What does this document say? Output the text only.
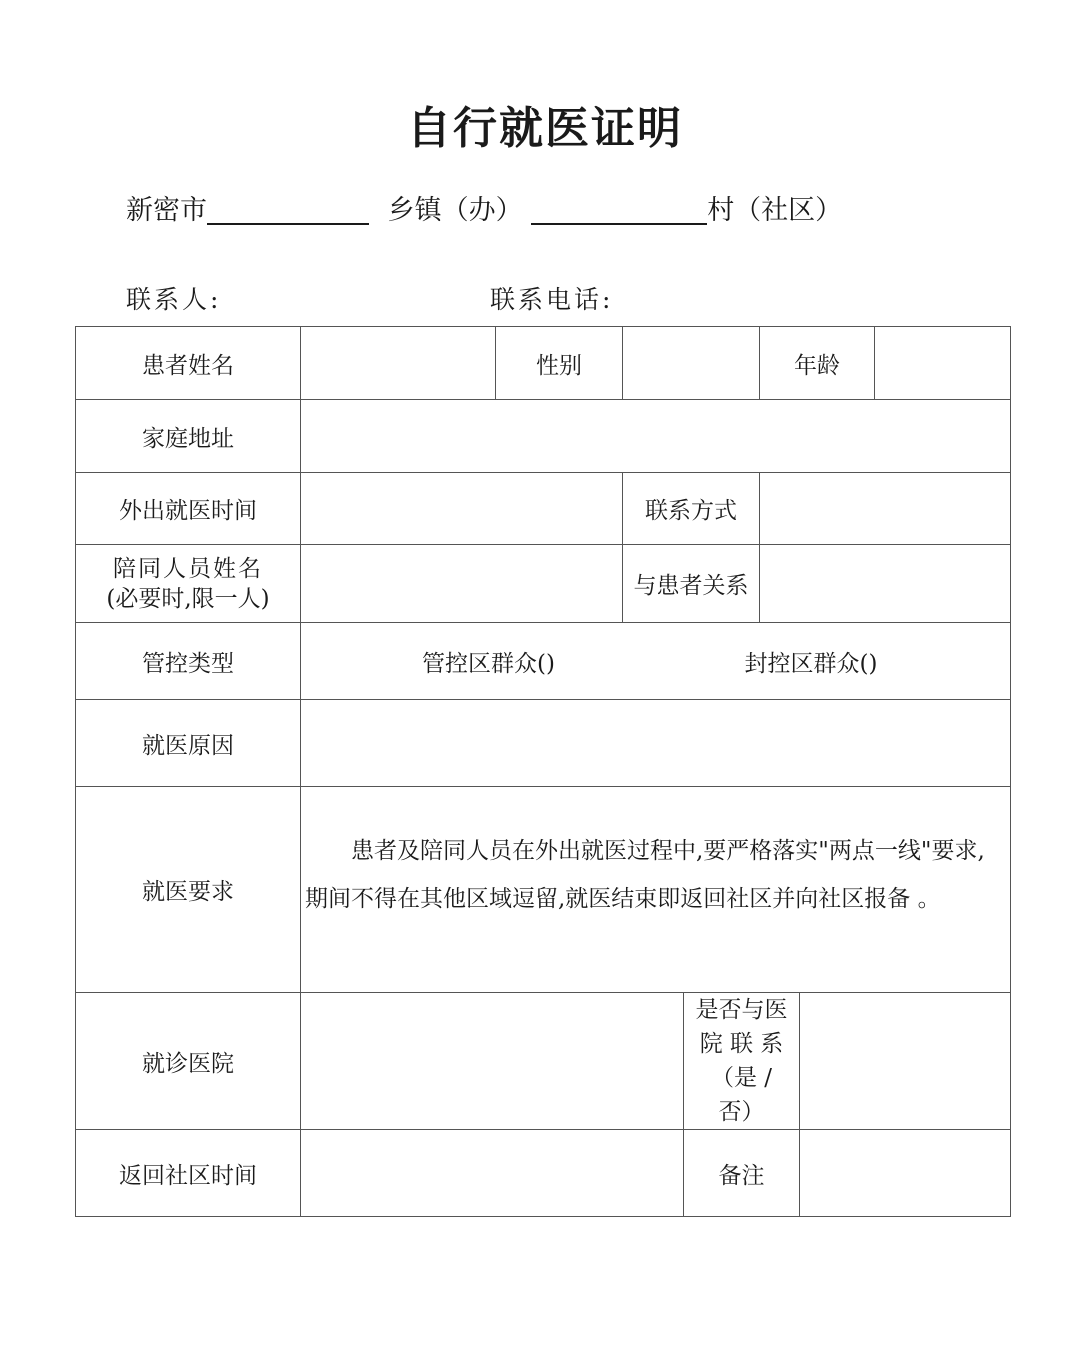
自行就医证明
新密市	乡镇（办）	村（社区）
联系人:	联系电话:
患者姓名		性别			年龄	

家庭地址						
外出就医时间			联系方式			

陪同人员姓名
(必要时,限一人)			与患者关系			
管控类型	管控区群众() 封控区群众()					

就医原因						
就医要求	患者及陪同人员在外出就医过程中,要严格落实"两点一线"要求,期间不得在其他区域逗留,就医结束即返回社区并向社区报备 。					
就诊医院				是否与医
院 联 系
（是 /
否）		

返回社区时间				备注		
